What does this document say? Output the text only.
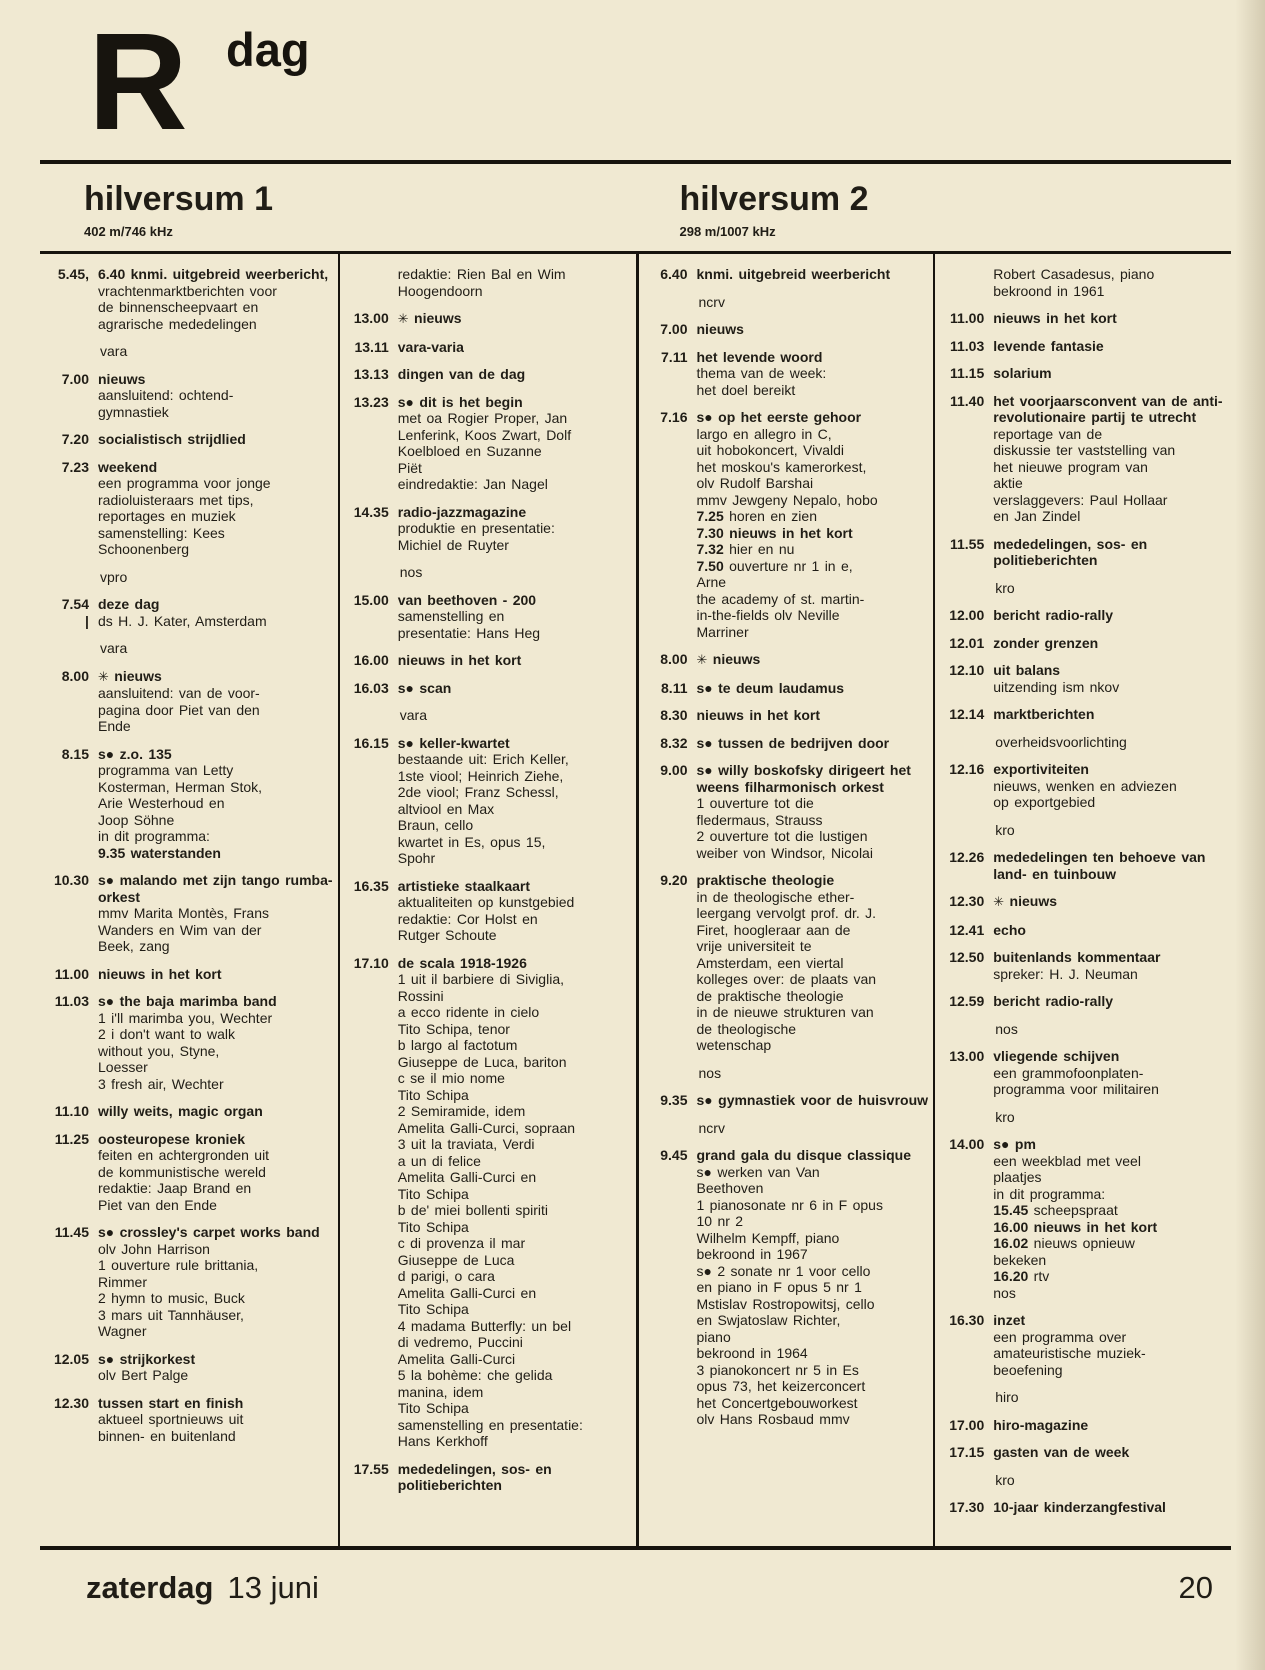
R dag
hilversum 1
402 m/746 kHz
hilversum 2
298 m/1007 kHz
5.45, 6.40 knmi. uitgebreid weerbericht,
vrachtenmarktberichten voor
de binnenscheepvaart en
agrarische mededelingen
vara
7.00 nieuws
aansluitend: ochtend-
gymnastiek
7.20 socialistisch strijdlied
7.23 weekend
een programma voor jonge
radioluisteraars met tips,
reportages en muziek
samenstelling: Kees
Schoonenberg
vpro
7.54 deze dag
| ds H. J. Kater, Amsterdam
vara
8.00 ✳ nieuws
aansluitend: van de voor-
pagina door Piet van den
Ende
8.15 s● z.o. 135
programma van Letty
Kosterman, Herman Stok,
Arie Westerhoud en
Joop Söhne
in dit programma:
9.35 waterstanden
10.30 s● malando met zijn tango rumba-orkest
mmv Marita Montès, Frans
Wanders en Wim van der
Beek, zang
11.00 nieuws in het kort
11.03 s● the baja marimba band
1 i'll marimba you, Wechter
2 i don't want to walk
without you, Styne,
Loesser
3 fresh air, Wechter
11.10 willy weits, magic organ
11.25 oosteuropese kroniek
feiten en achtergronden uit
de kommunistische wereld
redaktie: Jaap Brand en
Piet van den Ende
11.45 s● crossley's carpet works band
olv John Harrison
1 ouverture rule brittania,
Rimmer
2 hymn to music, Buck
3 mars uit Tannhäuser,
Wagner
12.05 s● strijkorkest
olv Bert Palge
12.30 tussen start en finish
aktueel sportnieuws uit
binnen- en buitenland
redaktie: Rien Bal en Wim
Hoogendoorn
13.00 ✳ nieuws
13.11 vara-varia
13.13 dingen van de dag
13.23 s● dit is het begin
met oa Rogier Proper, Jan
Lenferink, Koos Zwart, Dolf
Koelbloed en Suzanne
Piët
eindredaktie: Jan Nagel
14.35 radio-jazzmagazine
produktie en presentatie:
Michiel de Ruyter
nos
15.00 van beethoven - 200
samenstelling en
presentatie: Hans Heg
16.00 nieuws in het kort
16.03 s● scan
vara
16.15 s● keller-kwartet
bestaande uit: Erich Keller,
1ste viool; Heinrich Ziehe,
2de viool; Franz Schessl,
altviool en Max
Braun, cello
kwartet in Es, opus 15,
Spohr
16.35 artistieke staalkaart
aktualiteiten op kunstgebied
redaktie: Cor Holst en
Rutger Schoute
17.10 de scala 1918-1926
1 uit il barbiere di Siviglia,
Rossini
a ecco ridente in cielo
Tito Schipa, tenor
b largo al factotum
Giuseppe de Luca, bariton
c se il mio nome
Tito Schipa
2 Semiramide, idem
Amelita Galli-Curci, sopraan
3 uit la traviata, Verdi
a un di felice
Amelita Galli-Curci en
Tito Schipa
b de' miei bollenti spiriti
Tito Schipa
c di provenza il mar
Giuseppe de Luca
d parigi, o cara
Amelita Galli-Curci en
Tito Schipa
4 madama Butterfly: un bel
di vedremo, Puccini
Amelita Galli-Curci
5 la bohème: che gelida
manina, idem
Tito Schipa
samenstelling en presentatie:
Hans Kerkhoff
17.55 mededelingen, sos- en politieberichten
6.40 knmi. uitgebreid weerbericht
ncrv
7.00 nieuws
7.11 het levende woord
thema van de week:
het doel bereikt
7.16 s● op het eerste gehoor
largo en allegro in C,
uit hobokoncert, Vivaldi
het moskou's kamerorkest,
olv Rudolf Barshai
mmv Jewgeny Nepalo, hobo
7.25 horen en zien
7.30 nieuws in het kort
7.32 hier en nu
7.50 ouverture nr 1 in e,
Arne
the academy of st. martin-
in-the-fields olv Neville
Marriner
8.00 ✳ nieuws
8.11 s● te deum laudamus
8.30 nieuws in het kort
8.32 s● tussen de bedrijven door
9.00 s● willy boskofsky dirigeert het weens filharmonisch orkest
1 ouverture tot die
fledermaus, Strauss
2 ouverture tot die lustigen
weiber von Windsor, Nicolai
9.20 praktische theologie
in de theologische ether-
leergang vervolgt prof. dr. J.
Firet, hoogleraar aan de
vrije universiteit te
Amsterdam, een viertal
kolleges over: de plaats van
de praktische theologie
in de nieuwe strukturen van
de theologische
wetenschap
nos
9.35 s● gymnastiek voor de huisvrouw
ncrv
9.45 grand gala du disque classique
s● werken van Van
Beethoven
1 pianosonate nr 6 in F opus
10 nr 2
Wilhelm Kempff, piano
bekroond in 1967
s● 2 sonate nr 1 voor cello
en piano in F opus 5 nr 1
Mstislav Rostropowitsj, cello
en Swjatoslaw Richter,
piano
bekroond in 1964
3 pianokoncert nr 5 in Es
opus 73, het keizerconcert
het Concertgebouworkest
olv Hans Rosbaud mmv
Robert Casadesus, piano
bekroond in 1961
11.00 nieuws in het kort
11.03 levende fantasie
11.15 solarium
11.40 het voorjaarsconvent van de anti-revolutionaire partij te utrecht
reportage van de
diskussie ter vaststelling van
het nieuwe program van
aktie
verslaggevers: Paul Hollaar
en Jan Zindel
11.55 mededelingen, sos- en politieberichten
kro
12.00 bericht radio-rally
12.01 zonder grenzen
12.10 uit balans
uitzending ism nkov
12.14 marktberichten
overheidsvoorlichting
12.16 exportiviteiten
nieuws, wenken en adviezen
op exportgebied
kro
12.26 mededelingen ten behoeve van land- en tuinbouw
12.30 ✳ nieuws
12.41 echo
12.50 buitenlands kommentaar
spreker: H. J. Neuman
12.59 bericht radio-rally
nos
13.00 vliegende schijven
een grammofoonplaten-
programma voor militairen
kro
14.00 s● pm
een weekblad met veel
plaatjes
in dit programma:
15.45 scheepspraat
16.00 nieuws in het kort
16.02 nieuws opnieuw
bekeken
16.20 rtv
nos
16.30 inzet
een programma over
amateuristische muziek-
beoefening
hiro
17.00 hiro-magazine
17.15 gasten van de week
kro
17.30 10-jaar kinderzangfestival
zaterdag 13 juni	20
